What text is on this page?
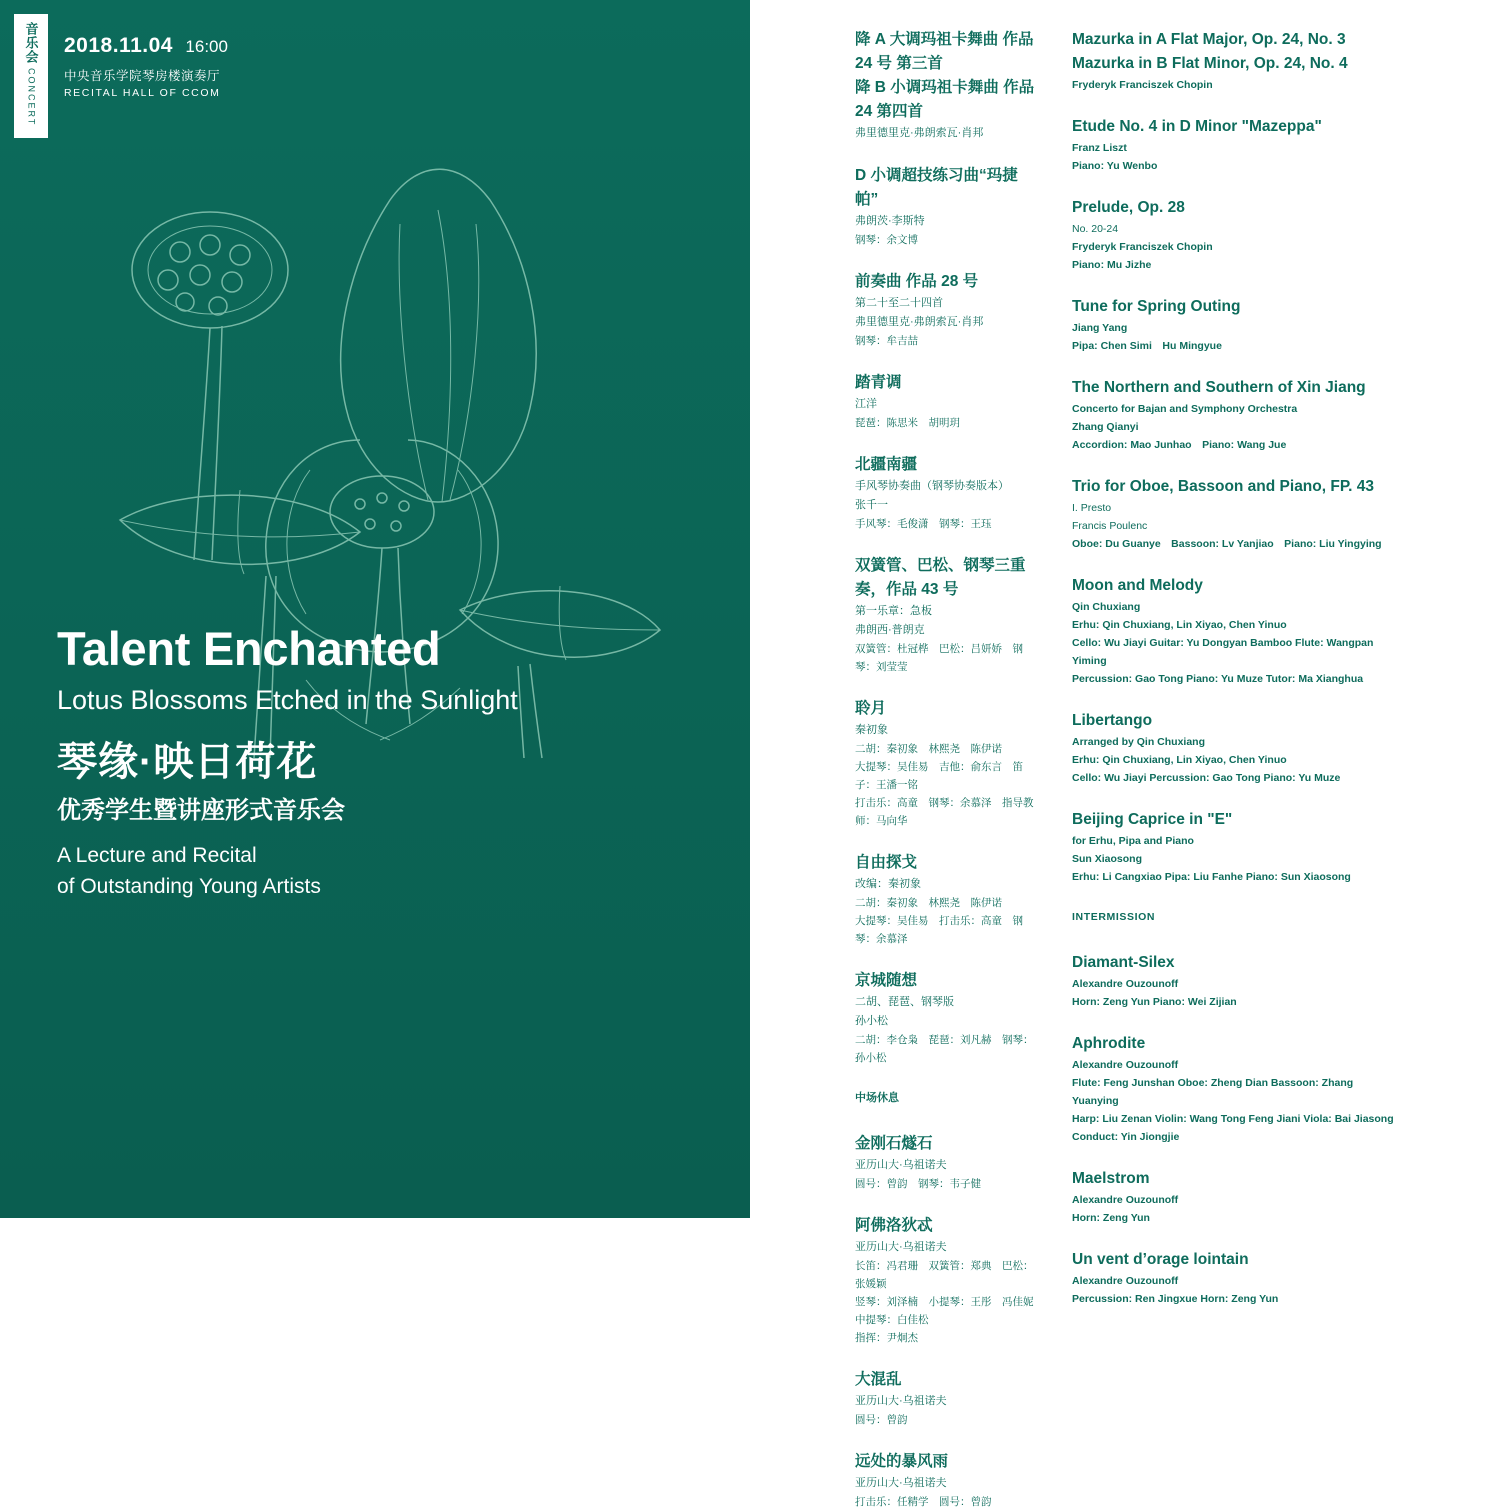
音乐会
CONCERT
2018.11.04 16:00
中央音乐学院琴房楼演奏厅
RECITAL HALL OF CCOM
Talent Enchanted
Lotus Blossoms Etched in the Sunlight
琴缘·映日荷花
优秀学生暨讲座形式音乐会
A Lecture and Recital
of Outstanding Young Artists
降 A 大调玛祖卡舞曲 作品 24 号 第三首
降 B 小调玛祖卡舞曲 作品 24 第四首
弗里德里克·弗朗索瓦·肖邦
D 小调超技练习曲“玛捷帕”
弗朗茨·李斯特
钢琴：余文博
前奏曲 作品 28 号
第二十至二十四首
弗里德里克·弗朗索瓦·肖邦
钢琴：牟吉喆
踏青调
江洋
琵琶：陈思米　胡明玥
北疆南疆
手风琴协奏曲（钢琴协奏版本）
张千一
手风琴：毛俊潇　钢琴：王珏
双簧管、巴松、钢琴三重奏，作品 43 号
第一乐章：急板
弗朗西·普朗克
双簧管：杜冠桦　巴松：吕妍娇　钢琴：刘莹莹
聆月
秦初象
二胡：秦初象　林熙尧　陈伊诺
大提琴：吴佳易　吉他：俞东言　笛子：王潘一铭
打击乐：高童　钢琴：余慕泽　指导教师：马向华
自由探戈
改编：秦初象
二胡：秦初象　林熙尧　陈伊诺
大提琴：吴佳易　打击乐：高童　钢琴：余慕泽
京城随想
二胡、琵琶、钢琴版
孙小松
二胡：李仓枭　琵琶：刘凡赫　钢琴：孙小松
中场休息
金刚石燧石
亚历山大·乌祖诺夫
圆号：曾韵　钢琴：韦子健
阿佛洛狄忒
亚历山大·乌祖诺夫
长笛：冯君珊　双簧管：郑典　巴松：张媛颖
竖琴：刘泽楠　小提琴：王彤　冯佳妮　中提琴：白佳松
指挥：尹炯杰
大混乱
亚历山大·乌祖诺夫
圆号：曾韵
远处的暴风雨
亚历山大·乌祖诺夫
打击乐：任精学　圆号：曾韵
Mazurka in A Flat Major, Op. 24, No. 3
Mazurka in B Flat Minor, Op. 24, No. 4
Fryderyk Franciszek Chopin
Etude No. 4 in D Minor "Mazeppa"
Franz Liszt
Piano: Yu Wenbo
Prelude, Op. 28
No. 20-24
Fryderyk Franciszek Chopin
Piano: Mu Jizhe
Tune for Spring Outing
Jiang Yang
Pipa: Chen Simi　Hu Mingyue
The Northern and Southern of Xin Jiang
Concerto for Bajan and Symphony Orchestra
Zhang Qianyi
Accordion: Mao Junhao　Piano: Wang Jue
Trio for Oboe, Bassoon and Piano, FP. 43
I. Presto
Francis Poulenc
Oboe: Du Guanye　Bassoon: Lv Yanjiao　Piano: Liu Yingying
Moon and Melody
Qin Chuxiang
Erhu: Qin Chuxiang, Lin Xiyao, Chen Yinuo
Cello: Wu Jiayi Guitar: Yu Dongyan Bamboo Flute: Wangpan Yiming
Percussion: Gao Tong Piano: Yu Muze Tutor: Ma Xianghua
Libertango
Arranged by Qin Chuxiang
Erhu: Qin Chuxiang, Lin Xiyao, Chen Yinuo
Cello: Wu Jiayi Percussion: Gao Tong Piano: Yu Muze
Beijing Caprice in "E"
for Erhu, Pipa and Piano
Sun Xiaosong
Erhu: Li Cangxiao Pipa: Liu Fanhe Piano: Sun Xiaosong
INTERMISSION
Diamant-Silex
Alexandre Ouzounoff
Horn: Zeng Yun Piano: Wei Zijian
Aphrodite
Alexandre Ouzounoff
Flute: Feng Junshan Oboe: Zheng Dian Bassoon: Zhang Yuanying
Harp: Liu Zenan Violin: Wang Tong Feng Jiani Viola: Bai Jiasong
Conduct: Yin Jiongjie
Maelstrom
Alexandre Ouzounoff
Horn: Zeng Yun
Un vent d’orage lointain
Alexandre Ouzounoff
Percussion: Ren Jingxue Horn: Zeng Yun
